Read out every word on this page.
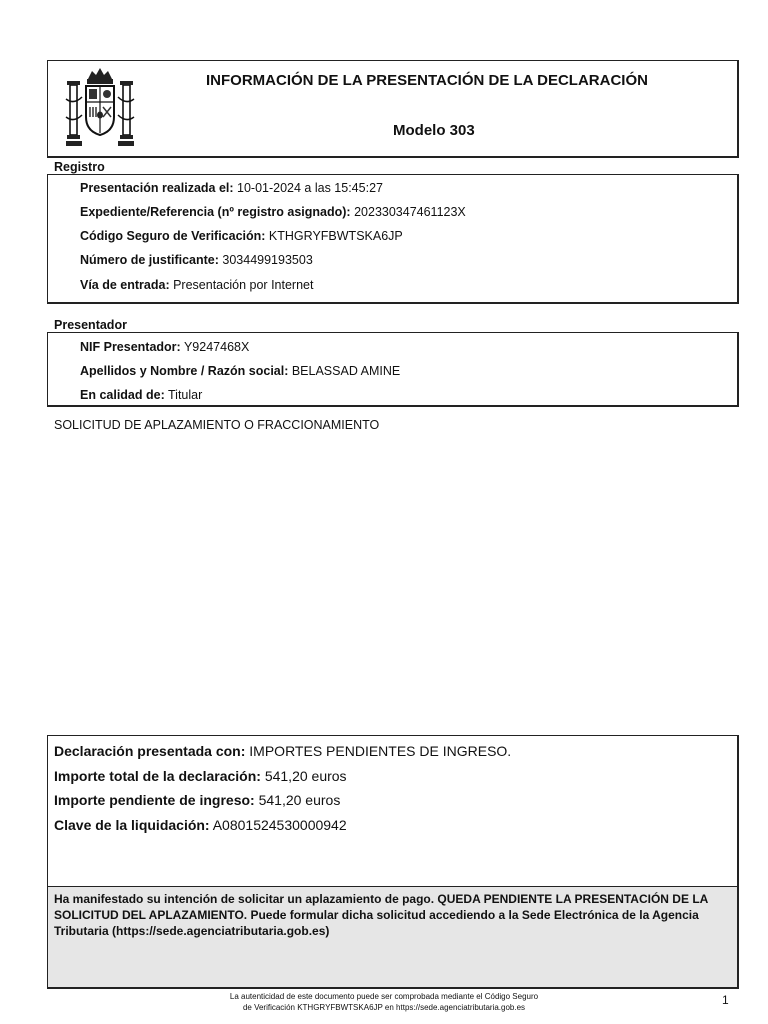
INFORMACIÓN DE LA PRESENTACIÓN DE LA DECLARACIÓN
Modelo 303
Registro
Presentación realizada el: 10-01-2024 a las 15:45:27
Expediente/Referencia (nº registro asignado): 202330347461123X
Código Seguro de Verificación: KTHGRYFBWTSKA6JP
Número de justificante: 3034499193503
Vía de entrada: Presentación por Internet
Presentador
NIF Presentador: Y9247468X
Apellidos y Nombre / Razón social: BELASSAD AMINE
En calidad de: Titular
SOLICITUD DE APLAZAMIENTO O FRACCIONAMIENTO
Declaración presentada con: IMPORTES PENDIENTES DE INGRESO.
Importe total de la declaración: 541,20 euros
Importe pendiente de ingreso: 541,20 euros
Clave de la liquidación: A0801524530000942
Ha manifestado su intención de solicitar un aplazamiento de pago. QUEDA PENDIENTE LA PRESENTACIÓN DE LA SOLICITUD DEL APLAZAMIENTO. Puede formular dicha solicitud accediendo a la Sede Electrónica de la Agencia Tributaria (https://sede.agenciatributaria.gob.es)
La autenticidad de este documento puede ser comprobada mediante el Código Seguro
de Verificación KTHGRYFBWTSKA6JP en https://sede.agenciatributaria.gob.es
1
